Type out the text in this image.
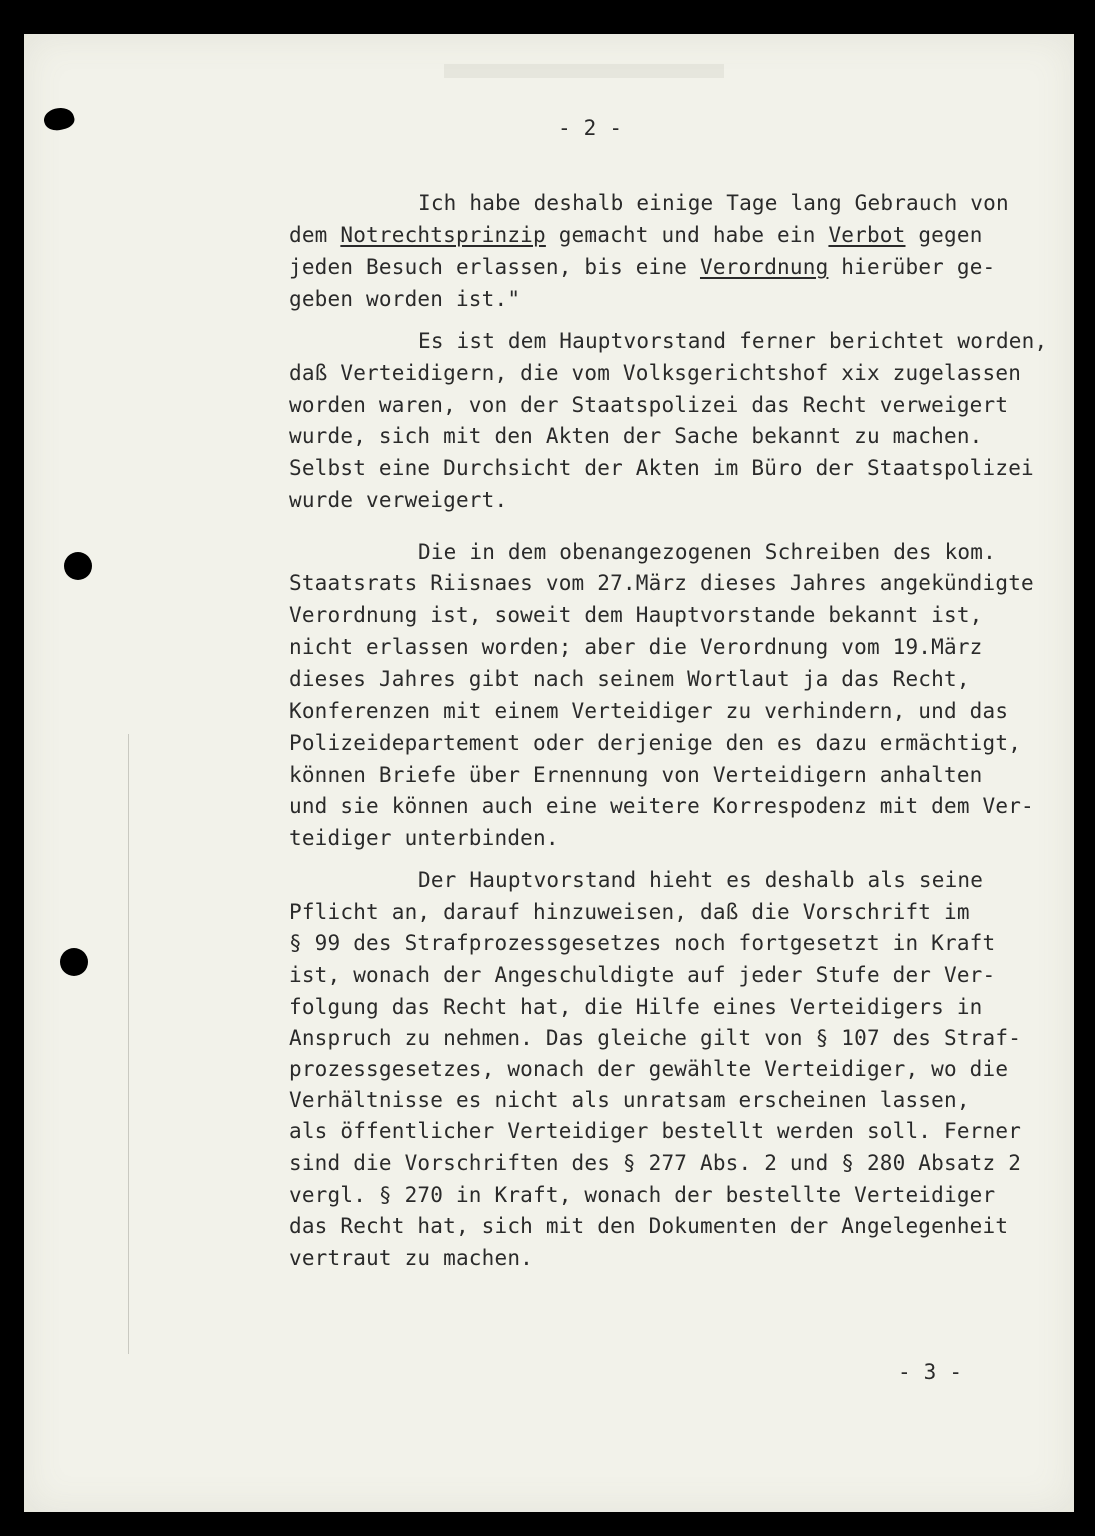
- 2 -
Ich habe deshalb einige Tage lang Gebrauch von
dem Notrechtsprinzip gemacht und habe ein Verbot gegen
jeden Besuch erlassen, bis eine Verordnung hierüber ge-
geben worden ist."
Es ist dem Hauptvorstand ferner berichtet worden,
daß Verteidigern, die vom Volksgerichtshof xix zugelassen
worden waren, von der Staatspolizei das Recht verweigert
wurde, sich mit den Akten der Sache bekannt zu machen.
Selbst eine Durchsicht der Akten im Büro der Staatspolizei
wurde verweigert.
Die in dem obenangezogenen Schreiben des kom.
Staatsrats Riisnaes vom 27.März dieses Jahres angekündigte
Verordnung ist, soweit dem Hauptvorstande bekannt ist,
nicht erlassen worden; aber die Verordnung vom 19.März
dieses Jahres gibt nach seinem Wortlaut ja das Recht,
Konferenzen mit einem Verteidiger zu verhindern, und das
Polizeidepartement oder derjenige den es dazu ermächtigt,
können Briefe über Ernennung von Verteidigern anhalten
und sie können auch eine weitere Korrespodenz mit dem Ver-
teidiger unterbinden.
Der Hauptvorstand hieht es deshalb als seine
Pflicht an, darauf hinzuweisen, daß die Vorschrift im
§ 99 des Strafprozessgesetzes noch fortgesetzt in Kraft
ist, wonach der Angeschuldigte auf jeder Stufe der Ver-
folgung das Recht hat, die Hilfe eines Verteidigers in
Anspruch zu nehmen. Das gleiche gilt von § 107 des Straf-
prozessgesetzes, wonach der gewählte Verteidiger, wo die
Verhältnisse es nicht als unratsam erscheinen lassen,
als öffentlicher Verteidiger bestellt werden soll. Ferner
sind die Vorschriften des § 277 Abs. 2 und § 280 Absatz 2
vergl. § 270 in Kraft, wonach der bestellte Verteidiger
das Recht hat, sich mit den Dokumenten der Angelegenheit
vertraut zu machen.
- 3 -
